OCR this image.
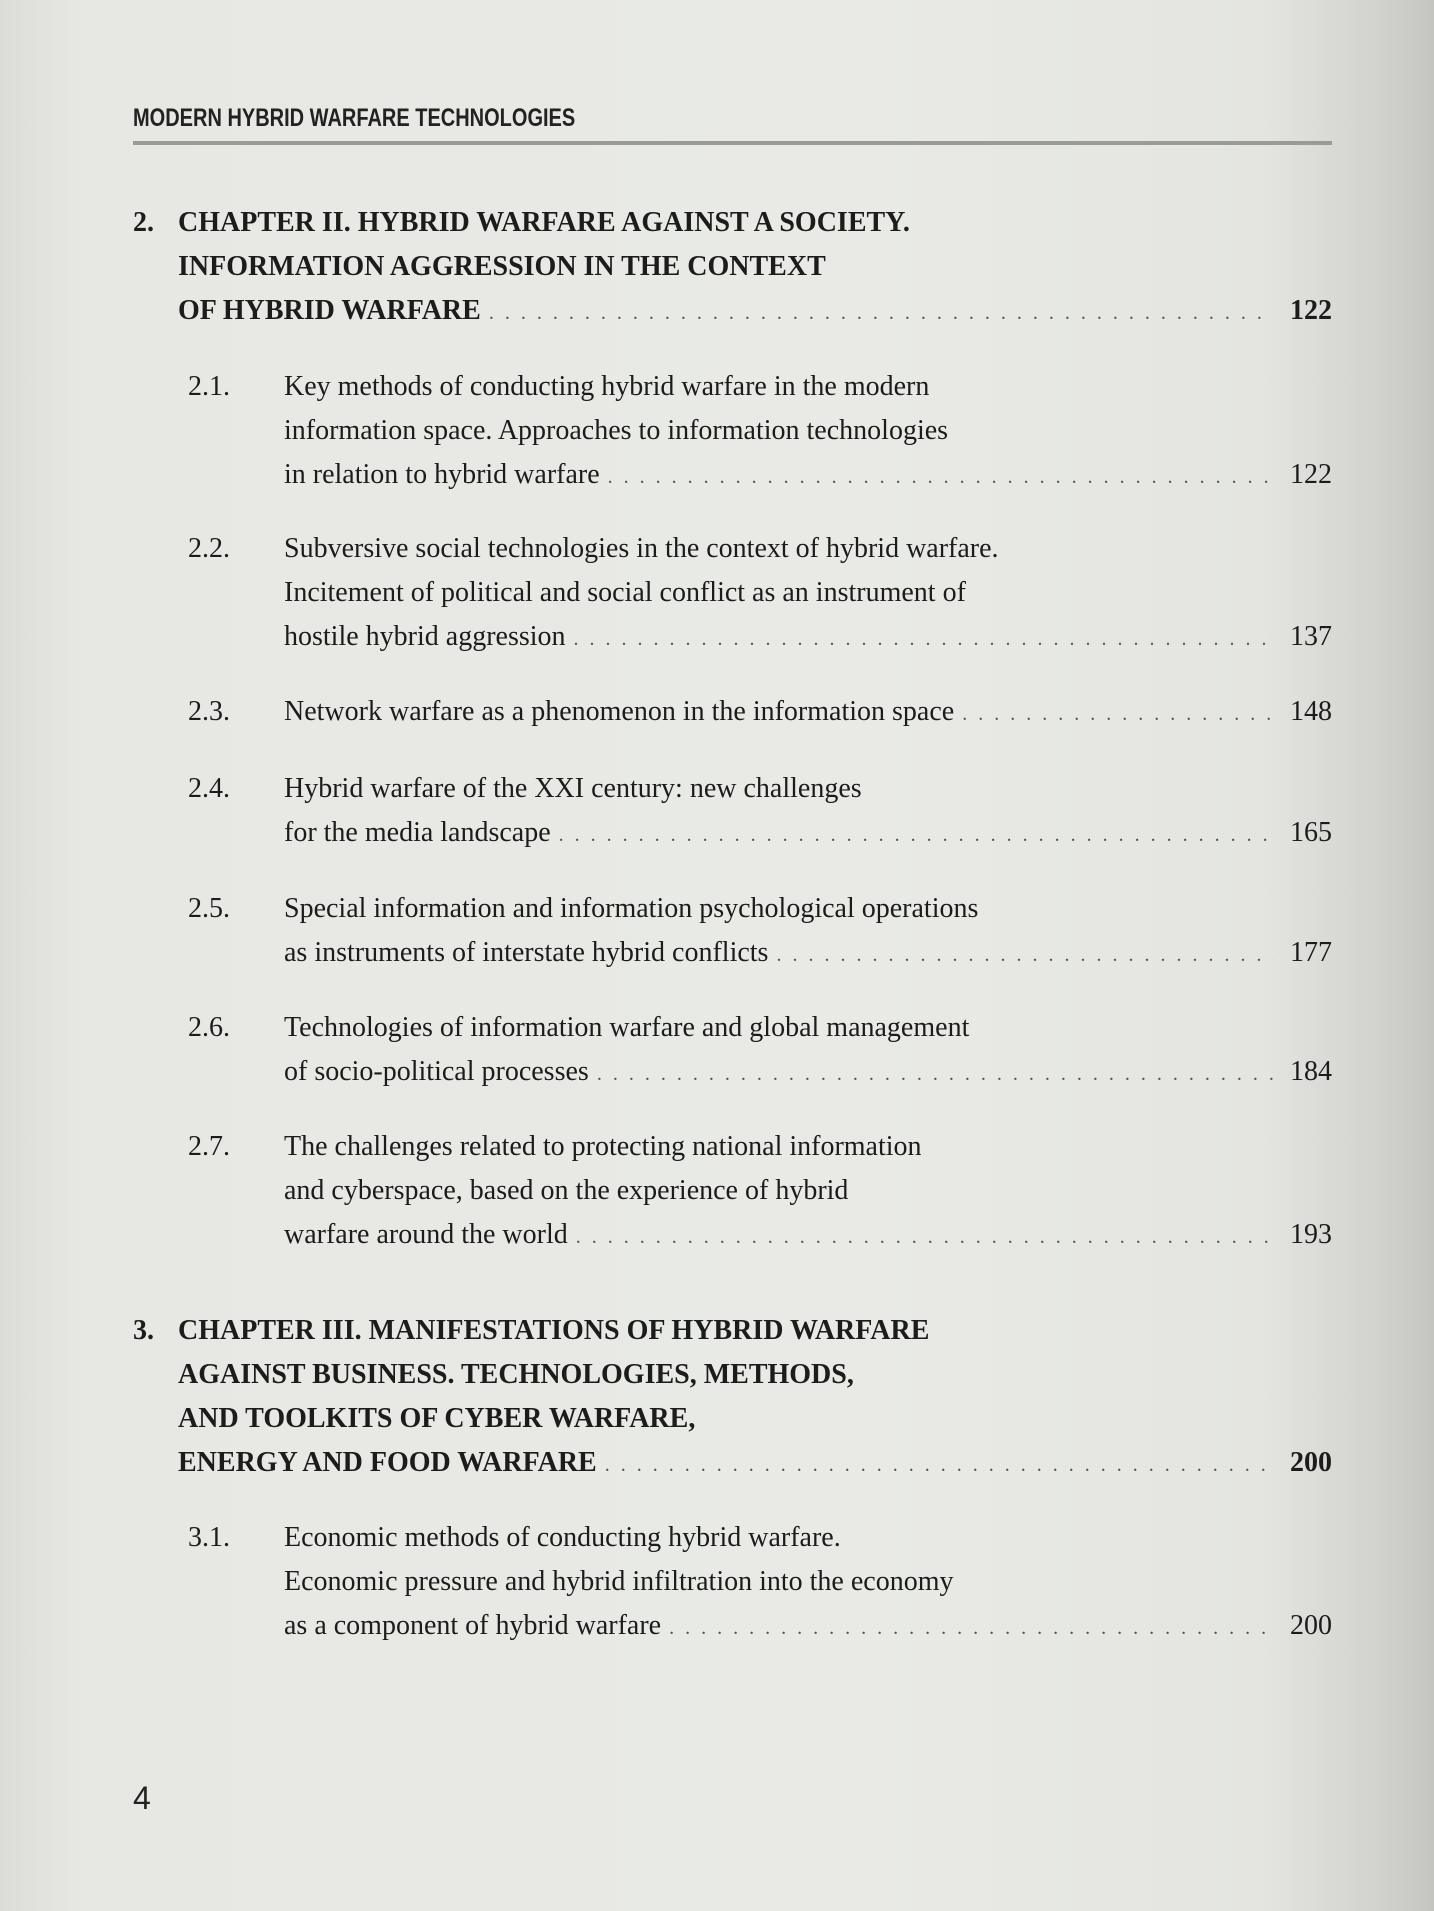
MODERN HYBRID WARFARE TECHNOLOGIES
2. CHAPTER II. HYBRID WARFARE AGAINST A SOCIETY.
INFORMATION AGGRESSION IN THE CONTEXT
OF HYBRID WARFARE . . .	122
2.1. Key methods of conducting hybrid warfare in the modern
information space. Approaches to information technologies
in relation to hybrid warfare . . .	122
2.2. Subversive social technologies in the context of hybrid warfare.
Incitement of political and social conflict as an instrument of
hostile hybrid aggression . . .	137
2.3. Network warfare as a phenomenon in the information space . . .	148
2.4. Hybrid warfare of the XXI century: new challenges
for the media landscape . . .	165
2.5. Special information and information psychological operations
as instruments of interstate hybrid conflicts . . .	177
2.6. Technologies of information warfare and global management
of socio-political processes . . .	184
2.7. The challenges related to protecting national information
and cyberspace, based on the experience of hybrid
warfare around the world . . .	193
3. CHAPTER III. MANIFESTATIONS OF HYBRID WARFARE
AGAINST BUSINESS. TECHNOLOGIES, METHODS,
AND TOOLKITS OF CYBER WARFARE,
ENERGY AND FOOD WARFARE . . .	200
3.1. Economic methods of conducting hybrid warfare.
Economic pressure and hybrid infiltration into the economy
as a component of hybrid warfare . . .	200
4
